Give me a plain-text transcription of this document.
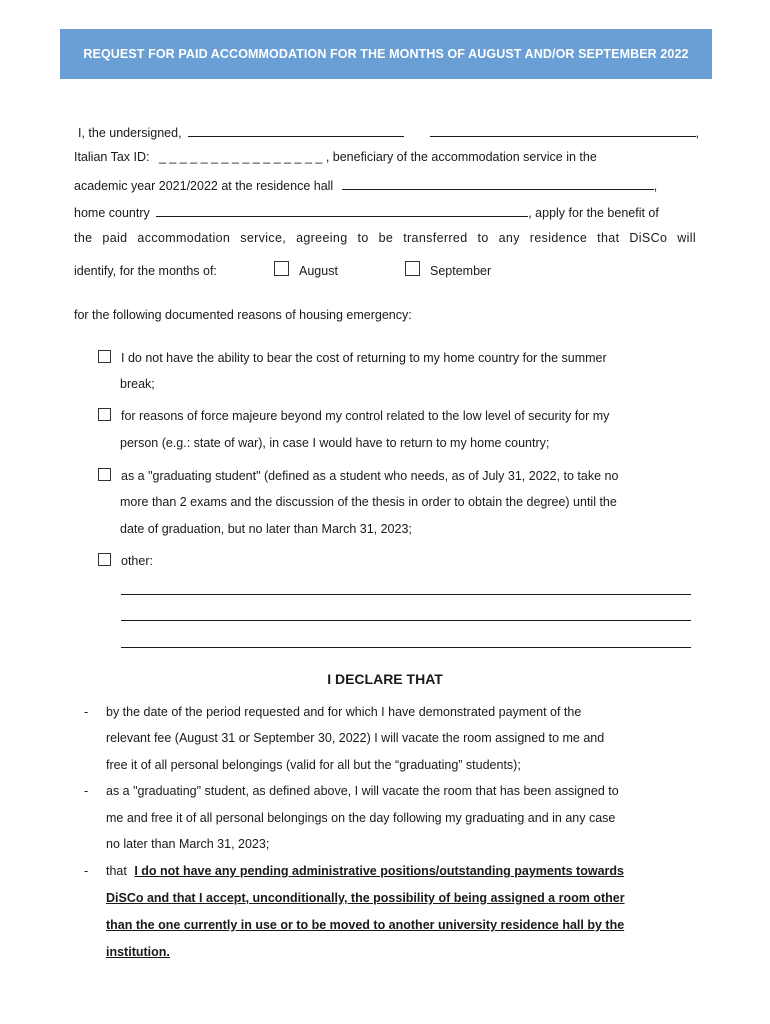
REQUEST FOR PAID ACCOMMODATION FOR THE MONTHS OF AUGUST AND/OR SEPTEMBER 2022
I, the undersigned,	,
Italian Tax ID: _ _ _ _ _ _ _ _ _ _ _ _ _ _ _ _ , beneficiary of the accommodation service in the
academic year 2021/2022 at the residence hall	,
home country	, apply for the benefit of
the paid accommodation service, agreeing to be transferred to any residence that DiSCo will
identify, for the months of:	August	September
for the following documented reasons of housing emergency:
I do not have the ability to bear the cost of returning to my home country for the summer
break;
for reasons of force majeure beyond my control related to the low level of security for my
person (e.g.: state of war), in case I would have to return to my home country;
as a "graduating student" (defined as a student who needs, as of July 31, 2022, to take no
more than 2 exams and the discussion of the thesis in order to obtain the degree) until the
date of graduation, but no later than March 31, 2023;
other:
I DECLARE THAT
- by the date of the period requested and for which I have demonstrated payment of the
relevant fee (August 31 or September 30, 2022) I will vacate the room assigned to me and
free it of all personal belongings (valid for all but the “graduating” students);
- as a "graduating" student, as defined above, I will vacate the room that has been assigned to
me and free it of all personal belongings on the day following my graduating and in any case
no later than March 31, 2023;
- that I do not have any pending administrative positions/outstanding payments towards
DiSCo and that I accept, unconditionally, the possibility of being assigned a room other
than the one currently in use or to be moved to another university residence hall by the
institution.
